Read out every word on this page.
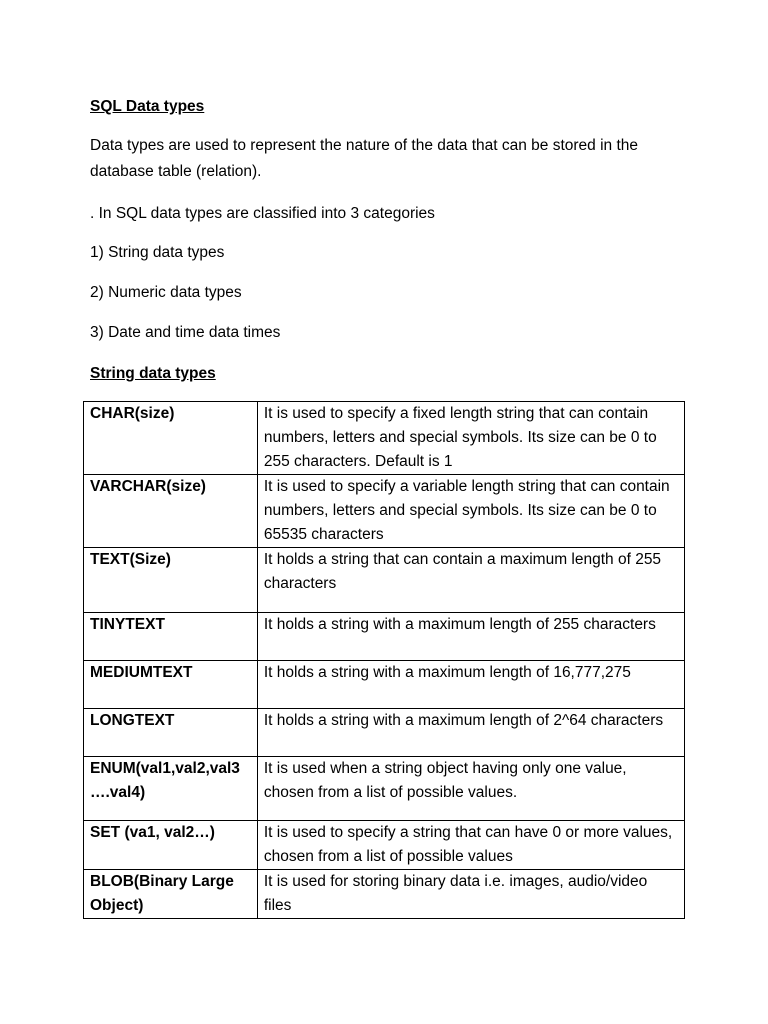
SQL Data types
Data types are used to represent the nature of the data that can be stored in the database table (relation).
. In SQL data types are classified into 3 categories
1) String data types
2) Numeric data types
3) Date and time data times
String data types
CHAR(size)	It is used to specify a fixed length string that can contain numbers, letters and special symbols. Its size can be 0 to 255 characters. Default is 1
VARCHAR(size)	It is used to specify a variable length string that can contain numbers, letters and special symbols. Its size can be 0 to 65535 characters
TEXT(Size)	It holds a string that can contain a maximum length of 255 characters
TINYTEXT	It holds a string with a maximum length of 255 characters
MEDIUMTEXT	It holds a string with a maximum length of 16,777,275
LONGTEXT	It holds a string with a maximum length of 2^64 characters
ENUM(val1,val2,val3 ….val4)	It is used when a string object having only one value, chosen from a list of possible values.
SET (va1, val2…)	It is used to specify a string that can have 0 or more values, chosen from a list of possible values
BLOB(Binary Large Object)	It is used for storing binary data i.e. images, audio/video files
